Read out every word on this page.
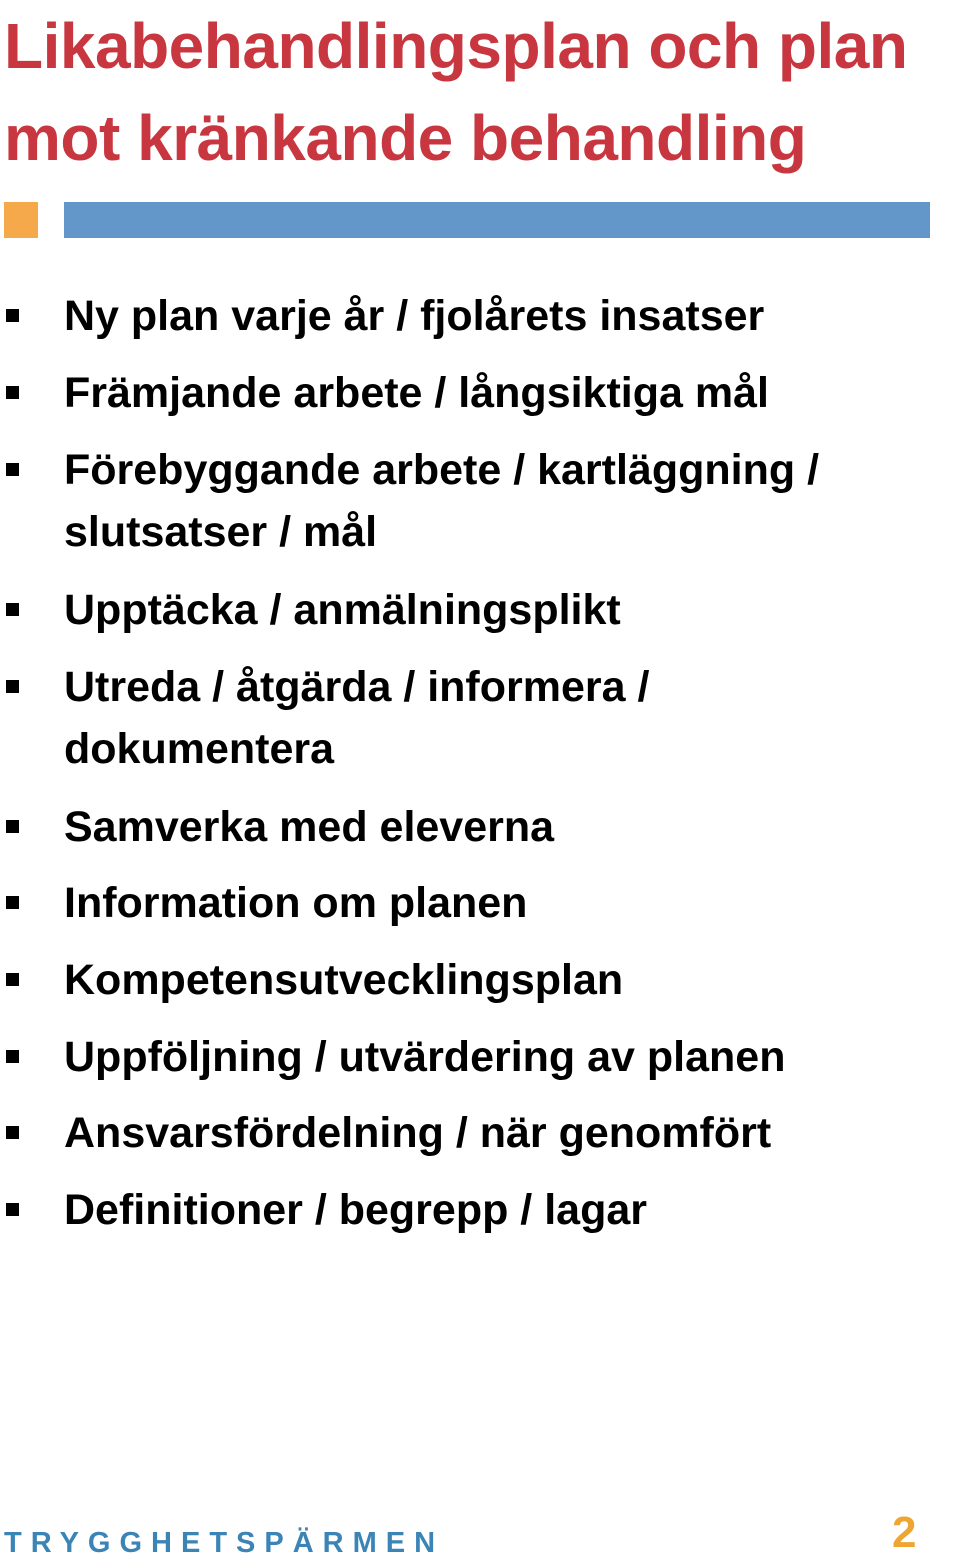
Likabehandlingsplan och plan
mot kränkande behandling
Ny plan varje år / fjolårets insatser
Främjande arbete / långsiktiga mål
Förebyggande arbete / kartläggning /
slutsatser / mål
Upptäcka / anmälningsplikt
Utreda / åtgärda / informera /
dokumentera
Samverka med eleverna
Information om planen
Kompetensutvecklingsplan
Uppföljning / utvärdering av planen
Ansvarsfördelning / när genomfört
Definitioner / begrepp / lagar
TRYGGHETSPÄRMEN	2
